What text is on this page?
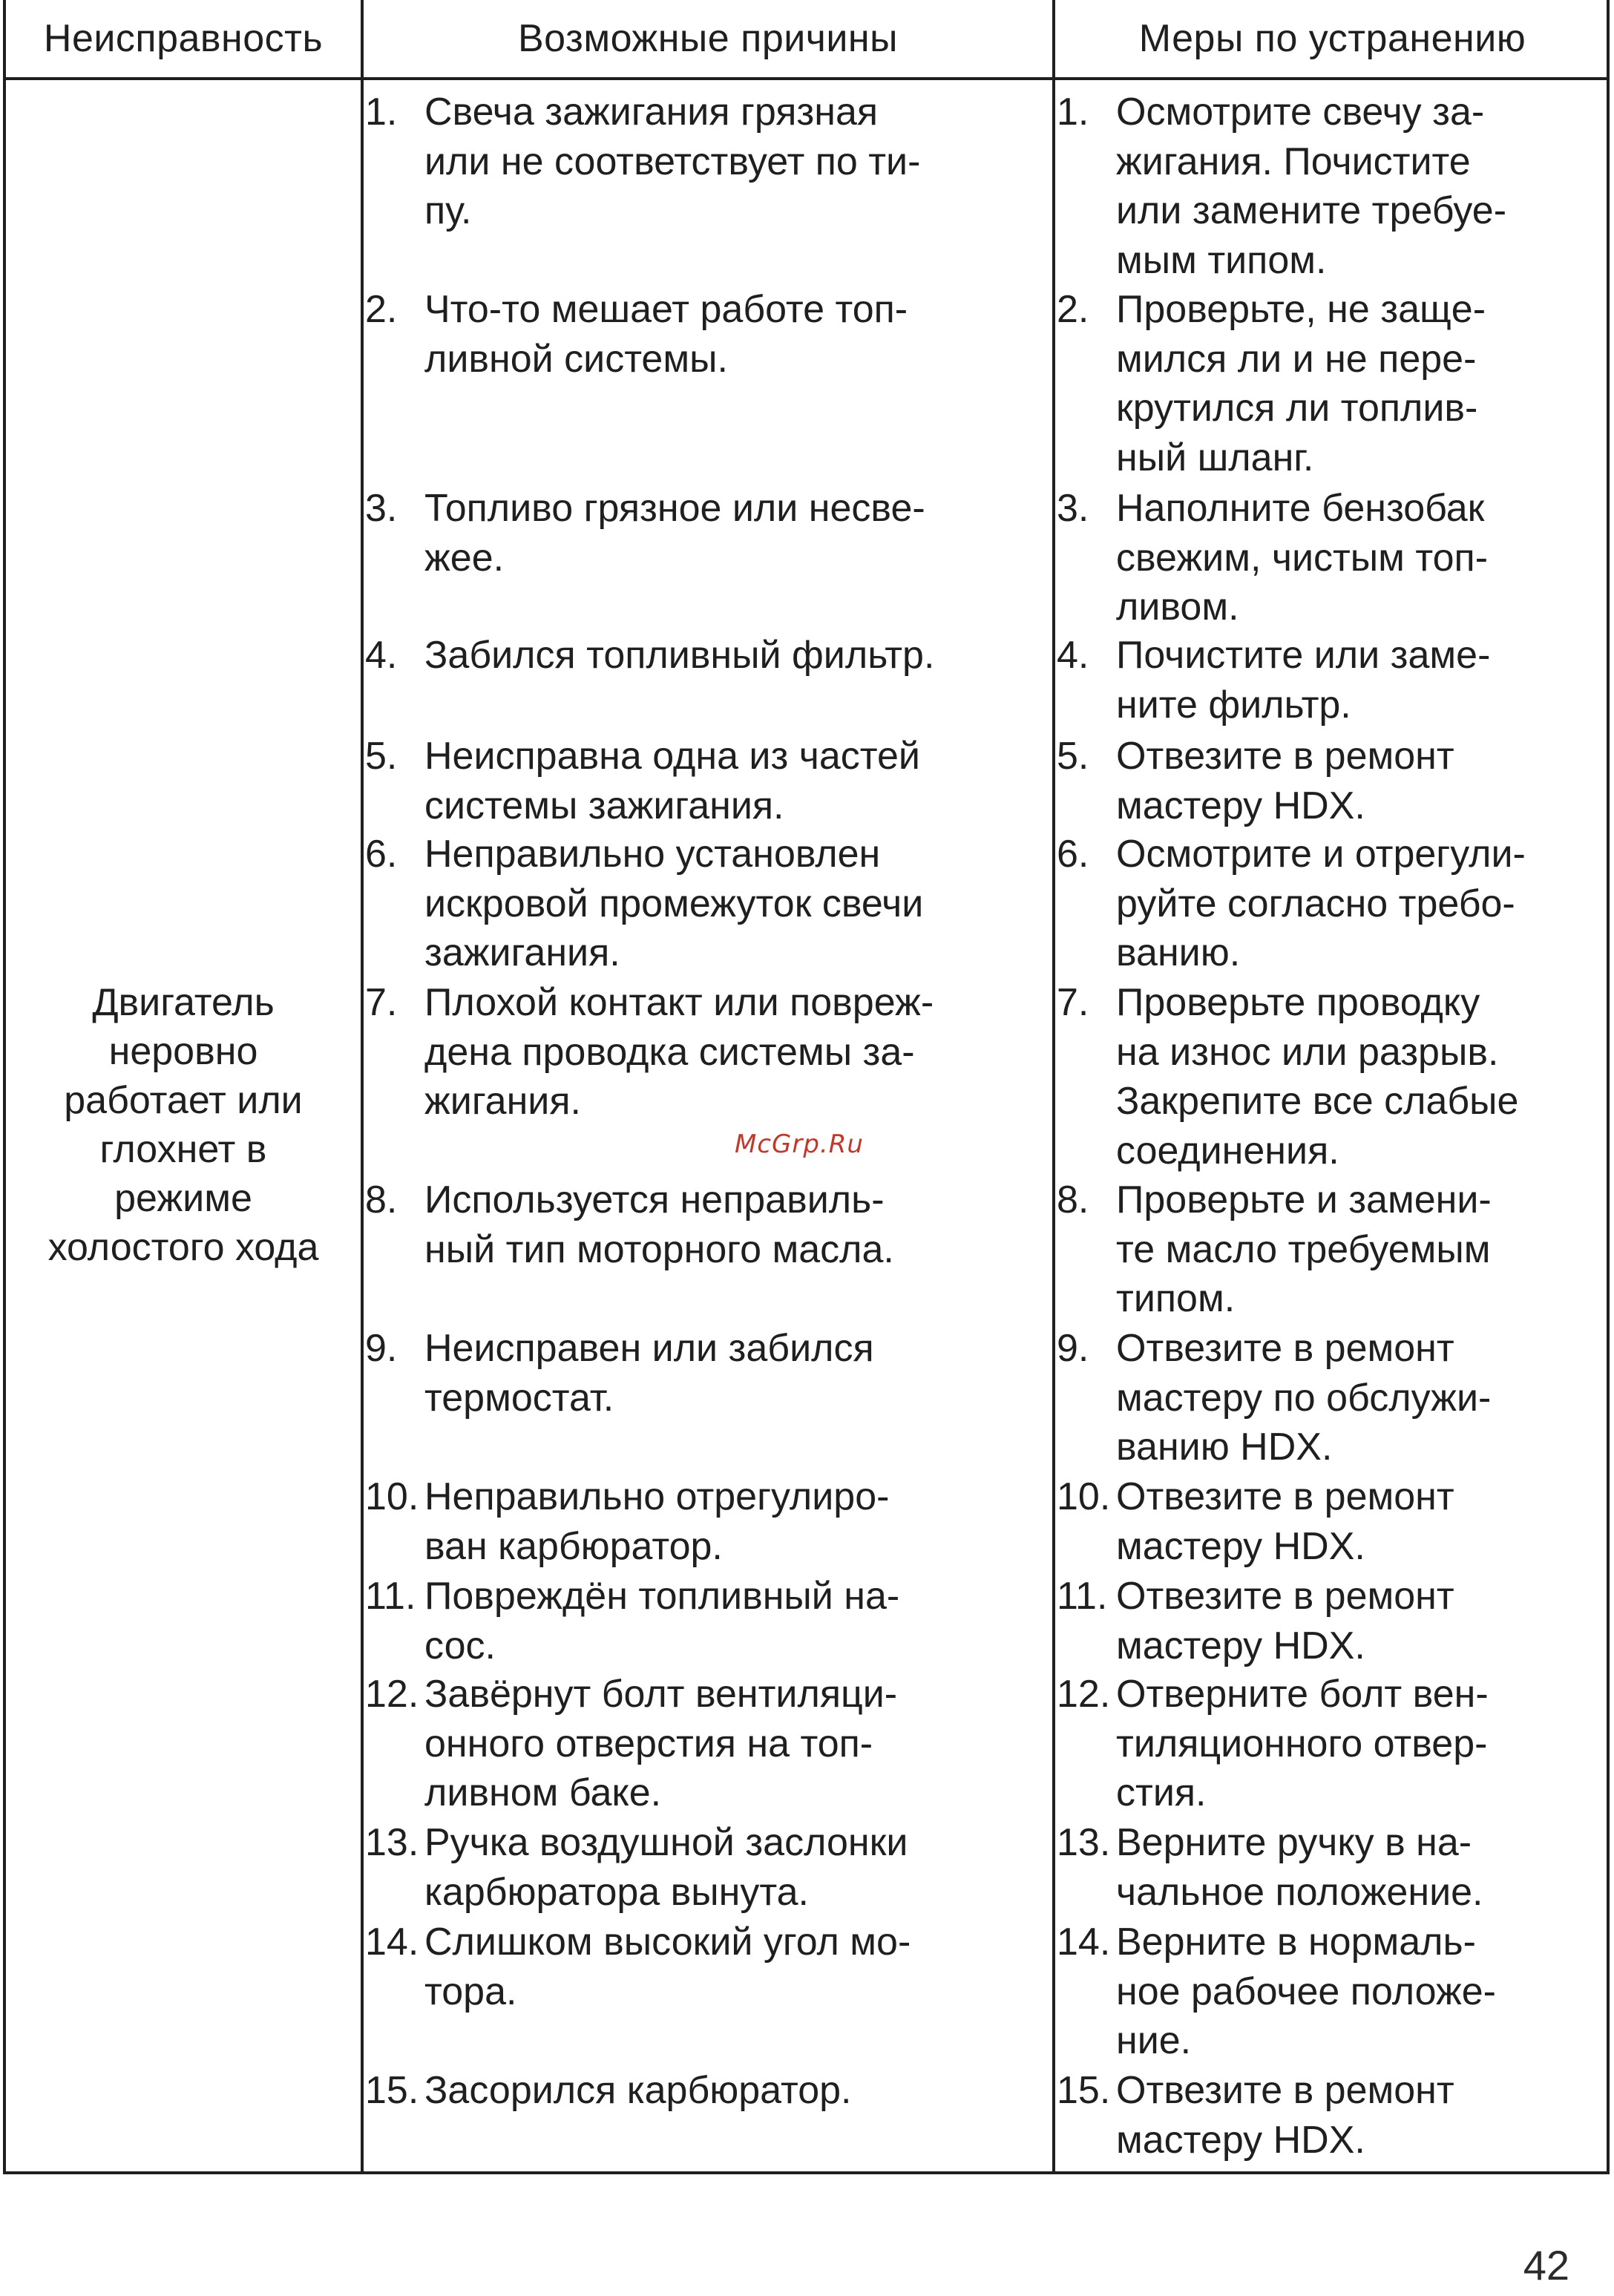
Неисправность	Возможные причины	Меры по устранению
Двигатель
неровно
работает или
глохнет в
режиме
холостого хода
1. Свеча зажигания грязная
или не соответствует по ти-
пу.
2. Что-то мешает работе топ-
ливной системы.
3. Топливо грязное или несве-
жее.
4. Забился топливный фильтр.
5. Неисправна одна из частей
системы зажигания.
6. Неправильно установлен
искровой промежуток свечи
зажигания.
7. Плохой контакт или повреж-
дена проводка системы за-
жигания.
8. Используется неправиль-
ный тип моторного масла.
9. Неисправен или забился
термостат.
10. Неправильно отрегулиро-
ван карбюратор.
11. Повреждён топливный на-
сос.
12. Завёрнут болт вентиляци-
онного отверстия на топ-
ливном баке.
13. Ручка воздушной заслонки
карбюратора вынута.
14. Слишком высокий угол мо-
тора.
15. Засорился карбюратор.
1. Осмотрите свечу за-
жигания. Почистите
или замените требуе-
мым типом.
2. Проверьте, не защe-
мился ли и не пере-
крутился ли топлив-
ный шланг.
3. Наполните бензобак
свежим, чистым топ-
ливом.
4. Почистите или заме-
ните фильтр.
5. Отвезите в ремонт
мастеру HDX.
6. Осмотрите и отрегули-
руйте согласно требо-
ванию.
7. Проверьте проводку
на износ или разрыв.
Закрепите все слабые
соединения.
8. Проверьте и замени-
те масло требуемым
типом.
9. Отвезите в ремонт
мастеру по обслужи-
ванию HDX.
10. Отвезите в ремонт
мастеру HDX.
11. Отвезите в ремонт
мастеру HDX.
12. Отверните болт вен-
тиляционного отвер-
стия.
13. Верните ручку в на-
чальное положение.
14. Верните в нормаль-
ное рабочее положе-
ние.
15. Отвезите в ремонт
мастеру HDX.
McGrp.Ru
42
